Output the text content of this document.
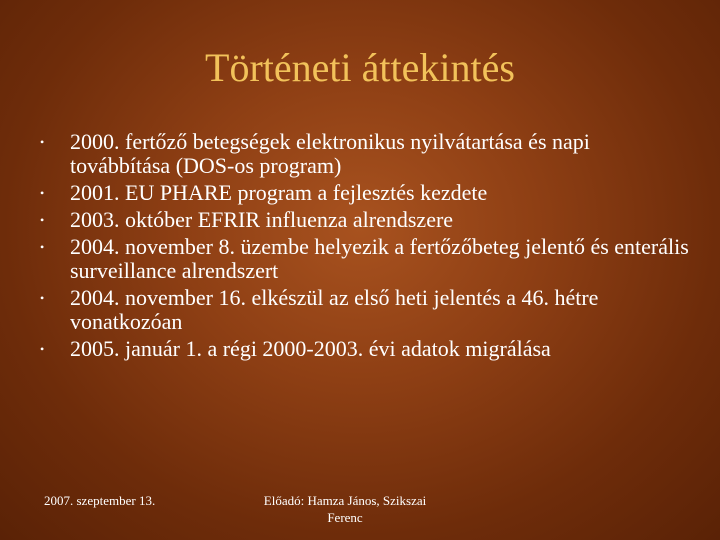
Történeti áttekintés
•	2000. fertőző betegségek elektronikus nyilvátartása és napi továbbítása (DOS-os program)
•	2001. EU PHARE program a fejlesztés kezdete
•	2003. október EFRIR influenza alrendszere
•	2004. november 8. üzembe helyezik a fertőzőbeteg jelentő és enterális surveillance alrendszert
•	2004. november 16. elkészül az első heti jelentés a 46. hétre vonatkozóan
•	2005. január 1. a régi 2000-2003. évi adatok migrálása
2007. szeptember 13.	Előadó: Hamza János, Szikszai Ferenc
